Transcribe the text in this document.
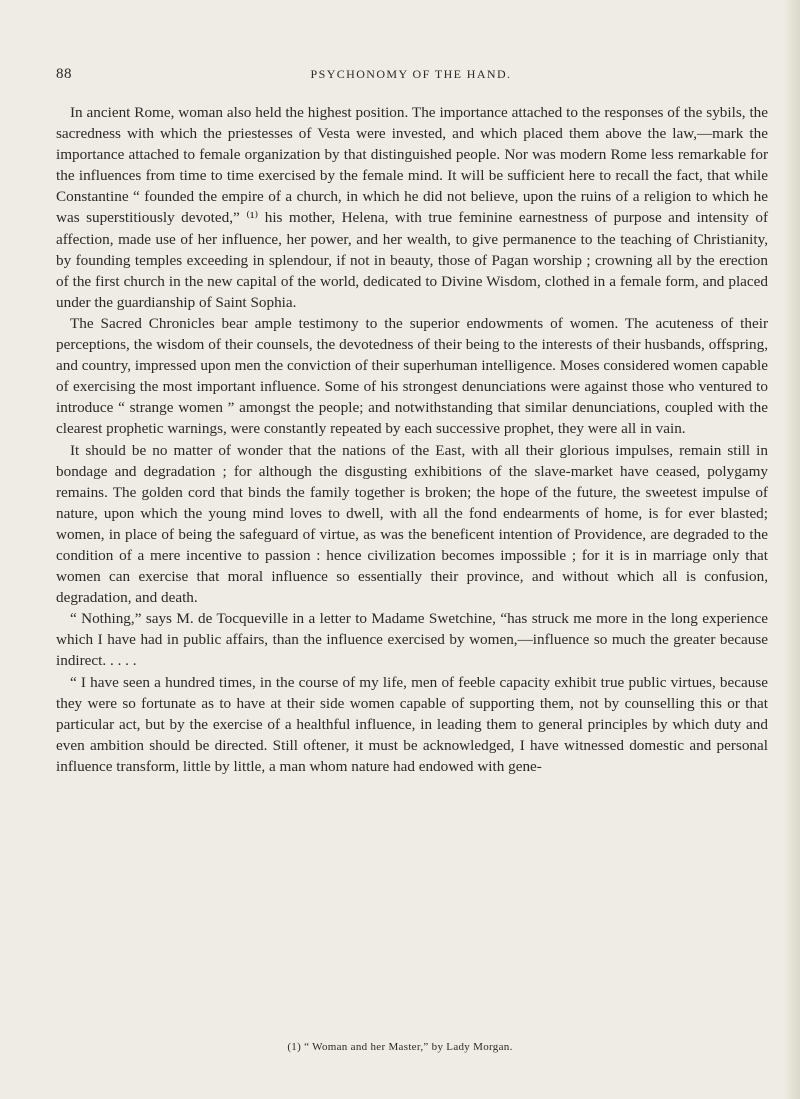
88	PSYCHONOMY OF THE HAND.

In ancient Rome, woman also held the highest position. The importance attached to the responses of the sybils, the sacredness with which the priestesses of Vesta were invested, and which placed them above the law,—mark the importance attached to female organization by that distinguished people. Nor was modern Rome less remarkable for the influences from time to time exercised by the female mind. It will be sufficient here to recall the fact, that while Constantine “ founded the empire of a church, in which he did not believe, upon the ruins of a religion to which he was superstitiously devoted,” ⁽¹⁾ his mother, Helena, with true feminine earnestness of purpose and intensity of affection, made use of her influence, her power, and her wealth, to give permanence to the teaching of Christianity, by founding temples exceeding in splendour, if not in beauty, those of Pagan worship ; crowning all by the erection of the first church in the new capital of the world, dedicated to Divine Wisdom, clothed in a female form, and placed under the guardianship of Saint Sophia.

The Sacred Chronicles bear ample testimony to the superior endowments of women. The acuteness of their perceptions, the wisdom of their counsels, the devotedness of their being to the interests of their husbands, offspring, and country, impressed upon men the conviction of their superhuman intelligence. Moses considered women capable of exercising the most important influence. Some of his strongest denunciations were against those who ventured to introduce “ strange women ” amongst the people; and notwithstanding that similar denunciations, coupled with the clearest prophetic warnings, were constantly repeated by each successive prophet, they were all in vain.

It should be no matter of wonder that the nations of the East, with all their glorious impulses, remain still in bondage and degradation ; for although the disgusting exhibitions of the slave-market have ceased, polygamy remains. The golden cord that binds the family together is broken; the hope of the future, the sweetest impulse of nature, upon which the young mind loves to dwell, with all the fond endearments of home, is for ever blasted; women, in place of being the safeguard of virtue, as was the beneficent intention of Providence, are degraded to the condition of a mere incentive to passion : hence civilization becomes impossible ; for it is in marriage only that women can exercise that moral influence so essentially their province, and without which all is confusion, degradation, and death.

“ Nothing,” says M. de Tocqueville in a letter to Madame Swetchine, “has struck me more in the long experience which I have had in public affairs, than the influence exercised by women,—influence so much the greater because indirect. . . . .

“ I have seen a hundred times, in the course of my life, men of feeble capacity exhibit true public virtues, because they were so fortunate as to have at their side women capable of supporting them, not by counselling this or that particular act, but by the exercise of a healthful influence, in leading them to general principles by which duty and even ambition should be directed. Still oftener, it must be acknowledged, I have witnessed domestic and personal influence transform, little by little, a man whom nature had endowed with gene-

(1) “ Woman and her Master,” by Lady Morgan.
